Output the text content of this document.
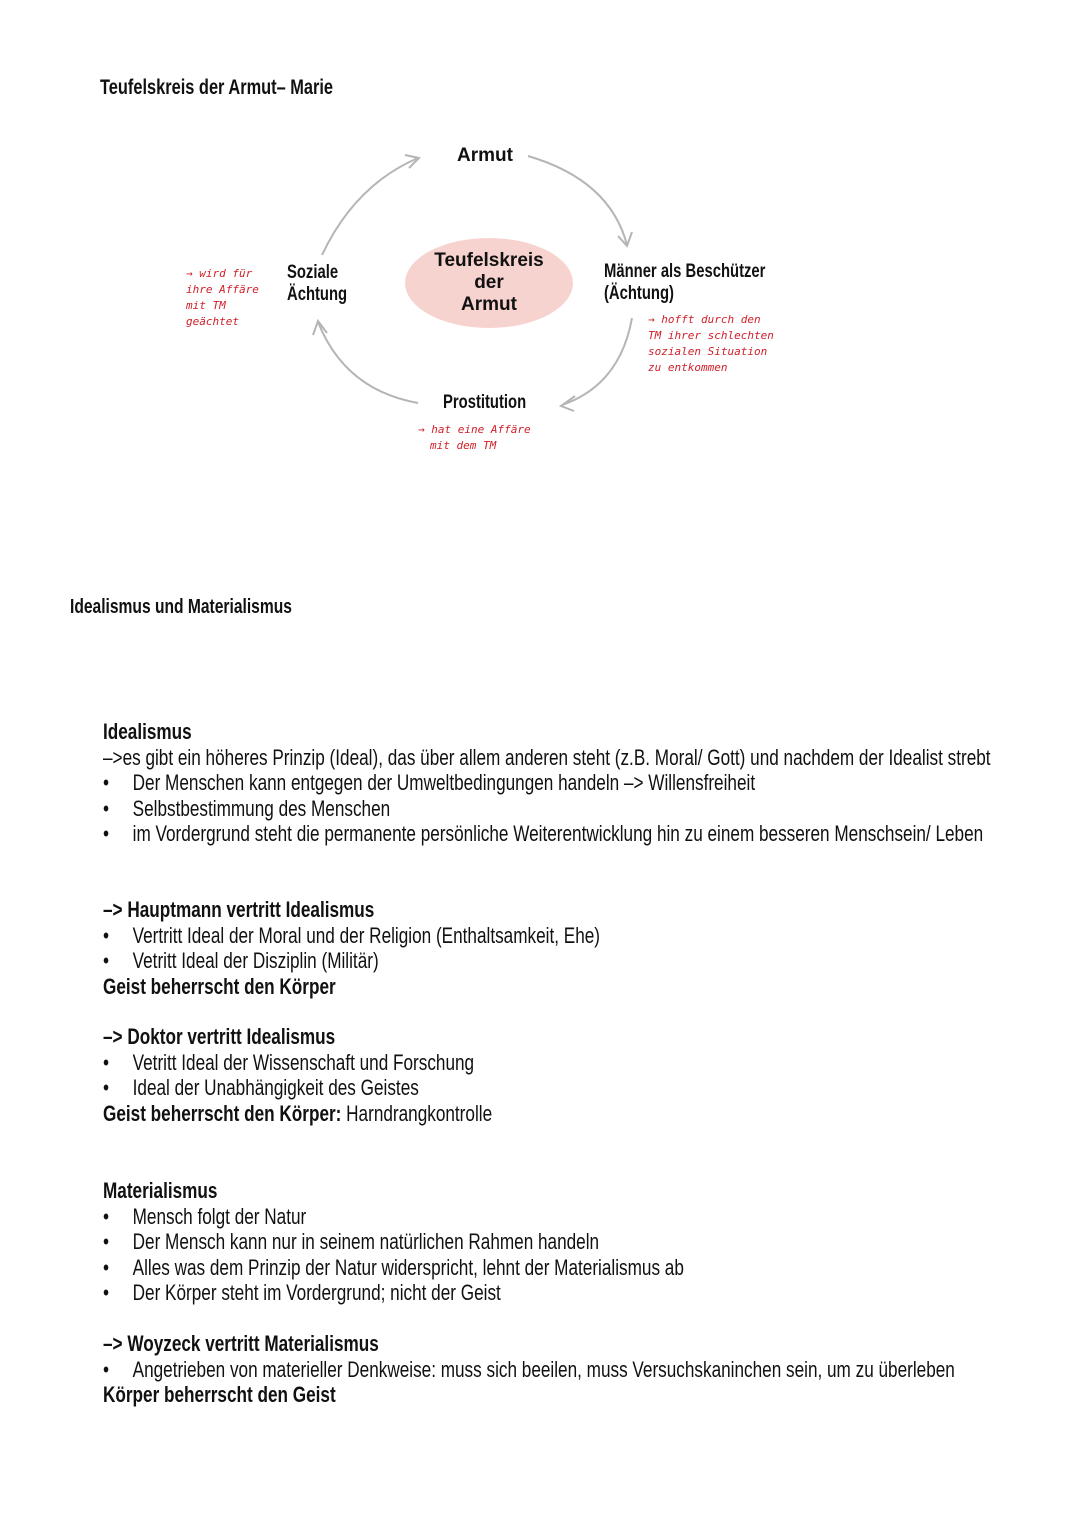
Teufelskreis der Armut– Marie
Teufelskreis
der
Armut
Armut
Männer als Beschützer
(Ächtung)
Prostitution
Soziale
Ächtung
→ wird für
ihre Affäre
mit TM
geächtet	→ hofft durch den
TM ihrer schlechten
sozialen Situation
zu entkommen
→ hat eine Affäre
mit dem TM
Idealismus und Materialismus
Idealismus
–>es gibt ein höheres Prinzip (Ideal), das über allem anderen steht (z.B. Moral/ Gott) und nachdem der Idealist strebt
• Der Menschen kann entgegen der Umweltbedingungen handeln –> Willensfreiheit
• Selbstbestimmung des Menschen
• im Vordergrund steht die permanente persönliche Weiterentwicklung hin zu einem besseren Menschsein/ Leben
–> Hauptmann vertritt Idealismus
• Vertritt Ideal der Moral und der Religion (Enthaltsamkeit, Ehe)
• Vetritt Ideal der Disziplin (Militär)
Geist beherrscht den Körper
–> Doktor vertritt Idealismus
• Vetritt Ideal der Wissenschaft und Forschung
• Ideal der Unabhängigkeit des Geistes
Geist beherrscht den Körper: Harndrangkontrolle
Materialismus
• Mensch folgt der Natur
• Der Mensch kann nur in seinem natürlichen Rahmen handeln
• Alles was dem Prinzip der Natur widerspricht, lehnt der Materialismus ab
• Der Körper steht im Vordergrund; nicht der Geist
–> Woyzeck vertritt Materialismus
• Angetrieben von materieller Denkweise: muss sich beeilen, muss Versuchskaninchen sein, um zu überleben
Körper beherrscht den Geist
